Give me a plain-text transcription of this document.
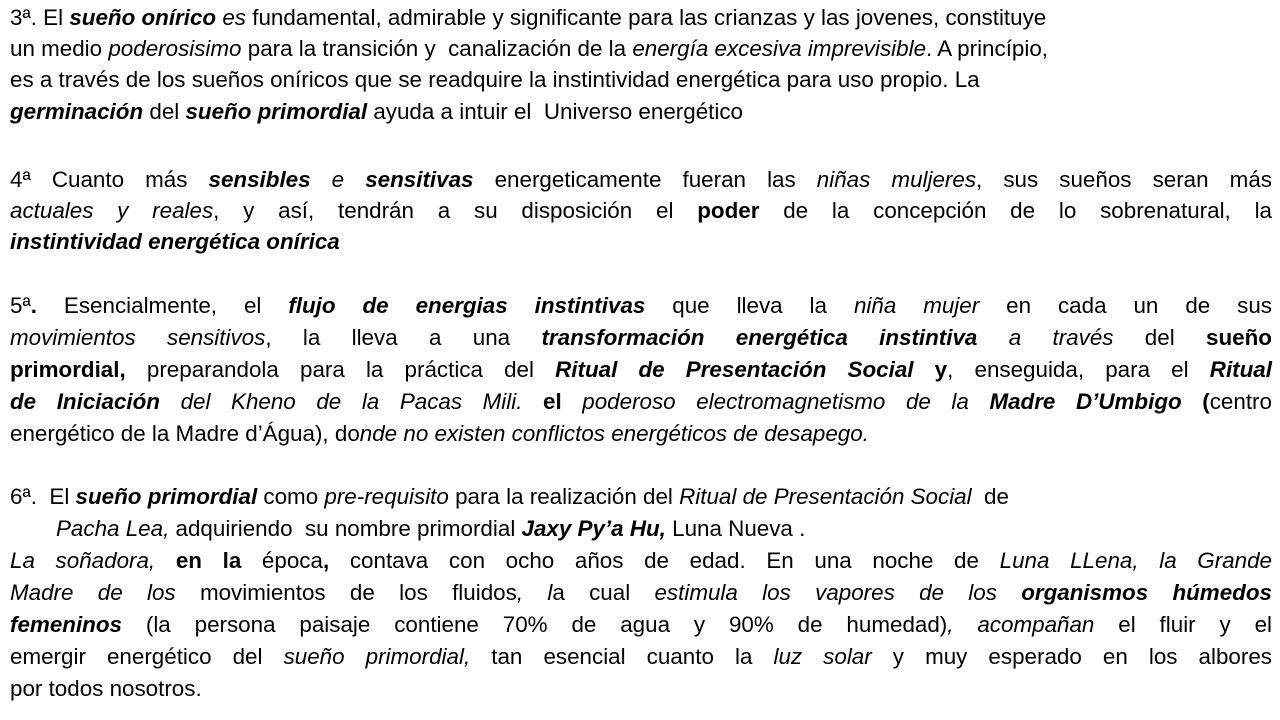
3ª. El sueño onírico es fundamental, admirable y significante para las crianzas y las jovenes, constituye
un medio poderosisimo para la transición y  canalización de la energía excesiva imprevisible. A princípio,
es a través de los sueños oníricos que se readquire la instintividad energética para uso propio. La
germinación del sueño primordial ayuda a intuir el  Universo energético
4ª Cuanto más sensibles e sensitivas energeticamente fueran las niñas muljeres, sus sueños seran más
actuales y reales, y así, tendrán a su disposición el poder de la concepción de lo sobrenatural, la
instintividad energética onírica
5ª. Esencialmente, el flujo de energias instintivas que lleva la niña mujer en cada un de sus
movimientos sensitivos, la lleva a una transformación energética instintiva a través del sueño
primordial, preparandola para la práctica del Ritual de Presentación Social y, enseguida, para el Ritual
de Iniciación del Kheno de la Pacas Mili. el poderoso electromagnetismo de la Madre D’Umbigo (centro
energético de la Madre d’Água), donde no existen conflictos energéticos de desapego.
6ª.  El sueño primordial como pre-requisito para la realización del Ritual de Presentación Social  de
Pacha Lea, adquiriendo  su nombre primordial Jaxy Py’a Hu, Luna Nueva .
La soñadora, en la época, contava con ocho años de edad. En una noche de Luna LLena, la Grande
Madre de los movimientos de los fluidos, la cual estimula los vapores de los organismos húmedos
femeninos (la persona paisaje contiene 70% de agua y 90% de humedad), acompañan el fluir y el
emergir energético del sueño primordial, tan esencial cuanto la luz solar y muy esperado en los albores
por todos nosotros.
